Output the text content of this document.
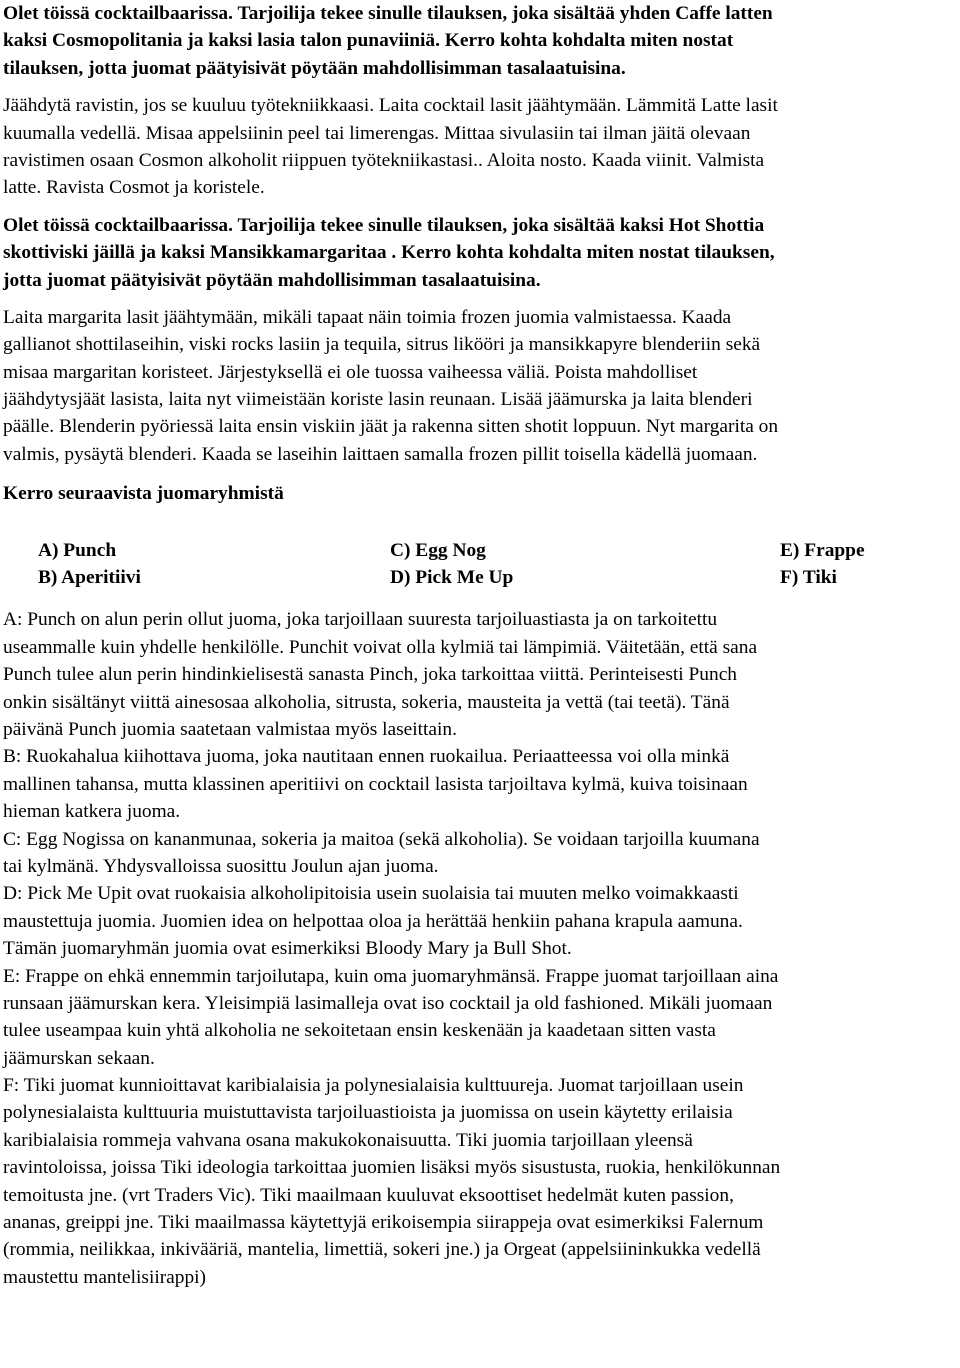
Olet töissä cocktailbaarissa. Tarjoilija tekee sinulle tilauksen, joka sisältää yhden Caffe latten
kaksi Cosmopolitania ja kaksi lasia talon punaviiniä. Kerro kohta kohdalta miten nostat
tilauksen, jotta juomat päätyisivät pöytään mahdollisimman tasalaatuisina.
Jäähdytä ravistin, jos se kuuluu työtekniikkaasi. Laita cocktail lasit jäähtymään. Lämmitä Latte lasit
kuumalla vedellä. Misaa appelsiinin peel tai limerengas. Mittaa sivulasiin tai ilman jäitä olevaan
ravistimen osaan Cosmon alkoholit riippuen työtekniikastasi.. Aloita nosto. Kaada viinit. Valmista
latte. Ravista Cosmot ja koristele.
Olet töissä cocktailbaarissa. Tarjoilija tekee sinulle tilauksen, joka sisältää kaksi Hot Shottia
skottiviski jäillä ja kaksi Mansikkamargaritaa . Kerro kohta kohdalta miten nostat tilauksen,
jotta juomat päätyisivät pöytään mahdollisimman tasalaatuisina.
Laita margarita lasit jäähtymään, mikäli tapaat näin toimia frozen juomia valmistaessa. Kaada
gallianot shottilaseihin, viski rocks lasiin ja tequila, sitrus likööri ja mansikkapyre blenderiin sekä
misaa margaritan koristeet. Järjestyksellä ei ole tuossa vaiheessa väliä. Poista mahdolliset
jäähdytysjäät lasista, laita nyt viimeistään koriste lasin reunaan. Lisää jäämurska ja laita blenderi
päälle. Blenderin pyöriessä laita ensin viskiin jäät ja rakenna sitten shotit loppuun. Nyt margarita on
valmis, pysäytä blenderi. Kaada se laseihin laittaen samalla frozen pillit toisella kädellä juomaan.
Kerro seuraavista juomaryhmistä
A) Punch
B) Aperitiivi
C) Egg Nog
D) Pick Me Up
E) Frappe
F) Tiki
A: Punch on alun perin ollut juoma, joka tarjoillaan suuresta tarjoiluastiasta ja on tarkoitettu
useammalle kuin yhdelle henkilölle. Punchit voivat olla kylmiä tai lämpimiä. Väitetään, että sana
Punch tulee alun perin hindinkielisestä sanasta Pinch, joka tarkoittaa viittä. Perinteisesti Punch
onkin sisältänyt viittä ainesosaa alkoholia, sitrusta, sokeria, mausteita ja vettä (tai teetä). Tänä
päivänä Punch juomia saatetaan valmistaa myös laseittain.
B: Ruokahalua kiihottava juoma, joka nautitaan ennen ruokailua. Periaatteessa voi olla minkä
mallinen tahansa, mutta klassinen aperitiivi on cocktail lasista tarjoiltava kylmä, kuiva toisinaan
hieman katkera juoma.
C: Egg Nogissa on kananmunaa, sokeria ja maitoa (sekä alkoholia). Se voidaan tarjoilla kuumana
tai kylmänä. Yhdysvalloissa suosittu Joulun ajan juoma.
D: Pick Me Upit ovat ruokaisia alkoholipitoisia usein suolaisia tai muuten melko voimakkaasti
maustettuja juomia. Juomien idea on helpottaa oloa ja herättää henkiin pahana krapula aamuna.
Tämän juomaryhmän juomia ovat esimerkiksi Bloody Mary ja Bull Shot.
E: Frappe on ehkä ennemmin tarjoilutapa, kuin oma juomaryhmänsä. Frappe juomat tarjoillaan aina
runsaan jäämurskan kera. Yleisimpiä lasimalleja ovat iso cocktail ja old fashioned. Mikäli juomaan
tulee useampaa kuin yhtä alkoholia ne sekoitetaan ensin keskenään ja kaadetaan sitten vasta
jäämurskan sekaan.
F: Tiki juomat kunnioittavat karibialaisia ja polynesialaisia kulttuureja. Juomat tarjoillaan usein
polynesialaista kulttuuria muistuttavista tarjoiluastioista ja juomissa on usein käytetty erilaisia
karibialaisia rommeja vahvana osana makukokonaisuutta. Tiki juomia tarjoillaan yleensä
ravintoloissa, joissa Tiki ideologia tarkoittaa juomien lisäksi myös sisustusta, ruokia, henkilökunnan
temoitusta jne. (vrt Traders Vic). Tiki maailmaan kuuluvat eksoottiset hedelmät kuten passion,
ananas, greippi jne. Tiki maailmassa käytettyjä erikoisempia siirappeja ovat esimerkiksi Falernum
(rommia, neilikkaa, inkivääriä, mantelia, limettiä, sokeri jne.) ja Orgeat (appelsiininkukka vedellä
maustettu mantelisiirappi)
